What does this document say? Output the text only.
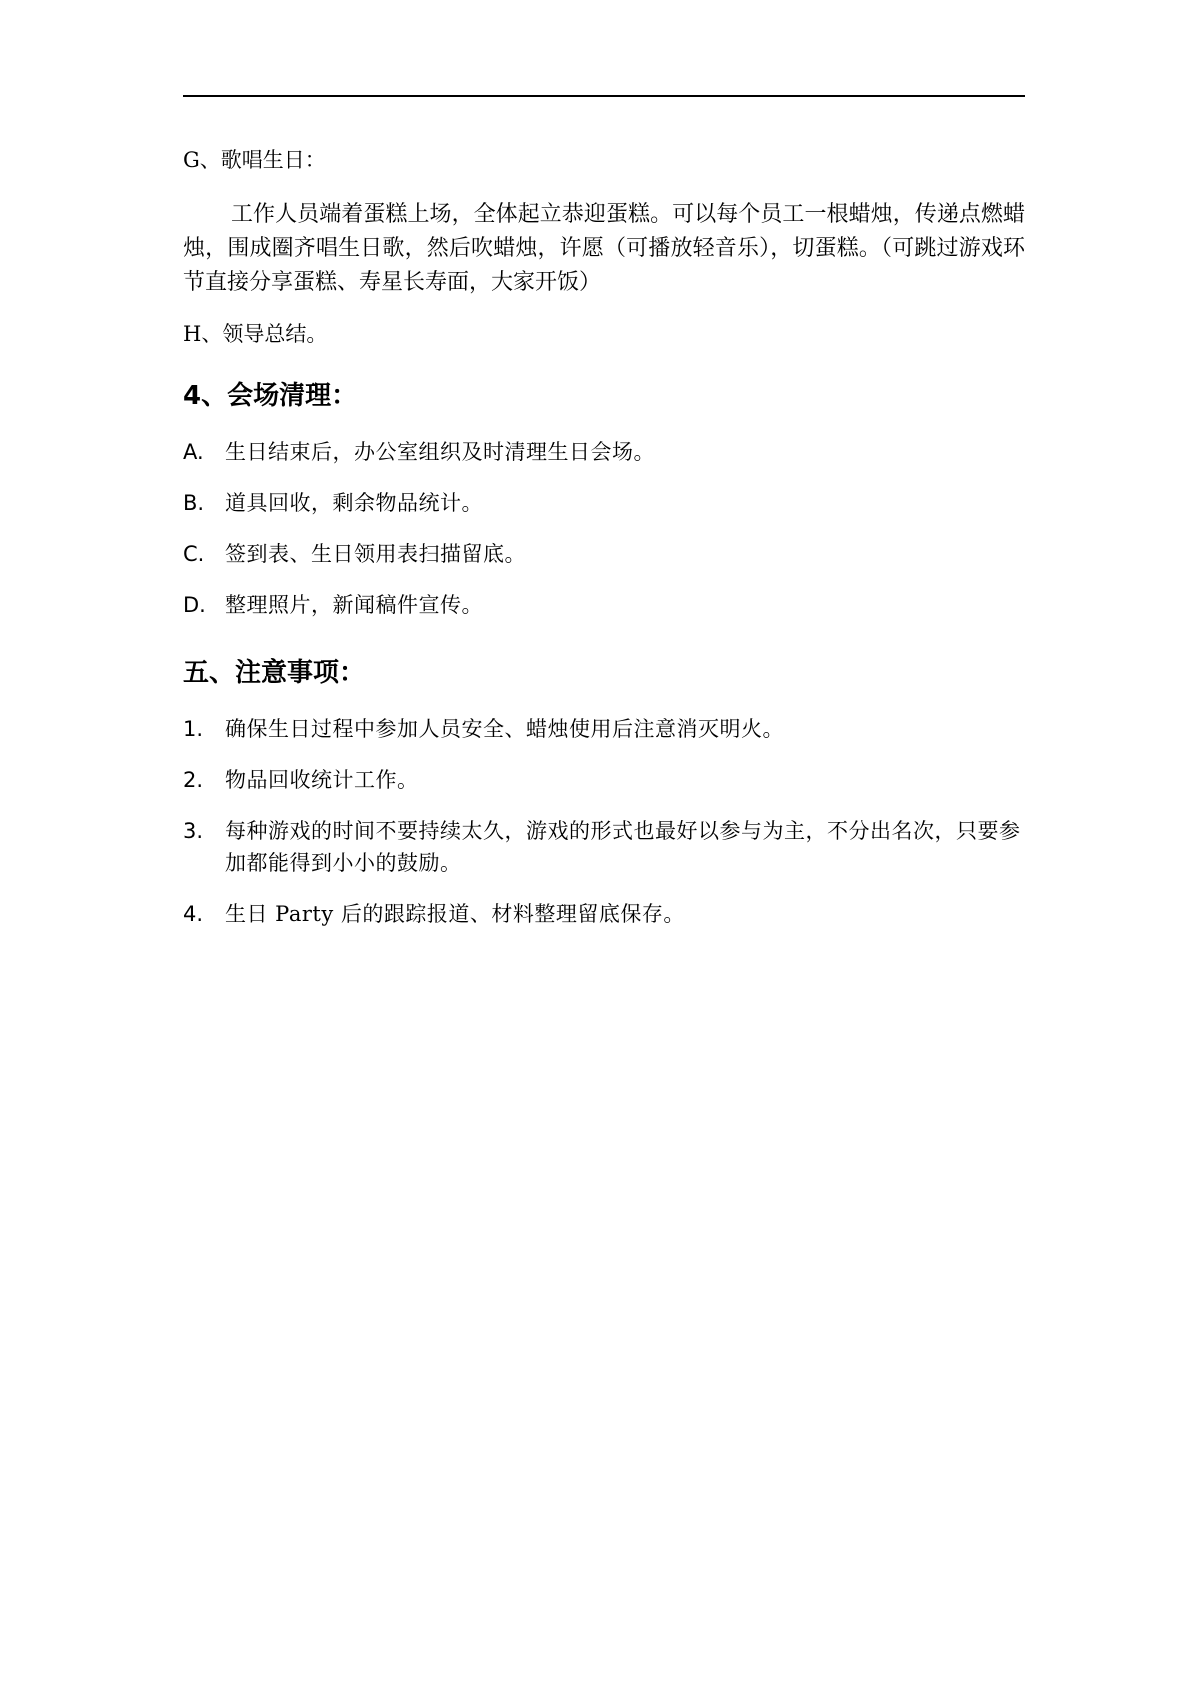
G、歌唱生日：

工作人员端着蛋糕上场，全体起立恭迎蛋糕。可以每个员工一根蜡烛，传递点燃蜡烛，围成圈齐唱生日歌，然后吹蜡烛，许愿（可播放轻音乐），切蛋糕。（可跳过游戏环节直接分享蛋糕、寿星长寿面，大家开饭）

H、领导总结。

4、会场清理：
A.	生日结束后，办公室组织及时清理生日会场。
B. 道具回收，剩余物品统计。
C. 签到表、生日领用表扫描留底。
D. 整理照片，新闻稿件宣传。
五、注意事项：
1.	确保生日过程中参加人员安全、蜡烛使用后注意消灭明火。
2.	物品回收统计工作。
3.	每种游戏的时间不要持续太久，游戏的形式也最好以参与为主，不分出名次，只要参加都能得到小小的鼓励。
4.	生日 Party 后的跟踪报道、材料整理留底保存。
